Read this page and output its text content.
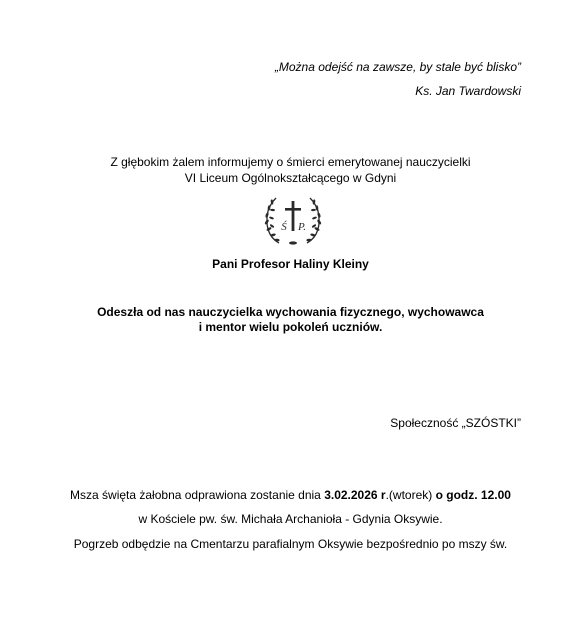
„Można odejść na zawsze, by stale być blisko”
Ks. Jan Twardowski
Z głębokim żalem informujemy o śmierci emerytowanej nauczycielki
VI Liceum Ogólnokształcącego w Gdyni
Ś P.
Pani Profesor Haliny Kleiny
Odeszła od nas nauczycielka wychowania fizycznego, wychowawca
i mentor wielu pokoleń uczniów.
Społeczność „SZÓSTKI”
Msza święta żałobna odprawiona zostanie dnia 3.02.2026 r.(wtorek) o godz. 12.00
w Kościele pw. św. Michała Archanioła - Gdynia Oksywie.
Pogrzeb odbędzie na Cmentarzu parafialnym Oksywie bezpośrednio po mszy św.
